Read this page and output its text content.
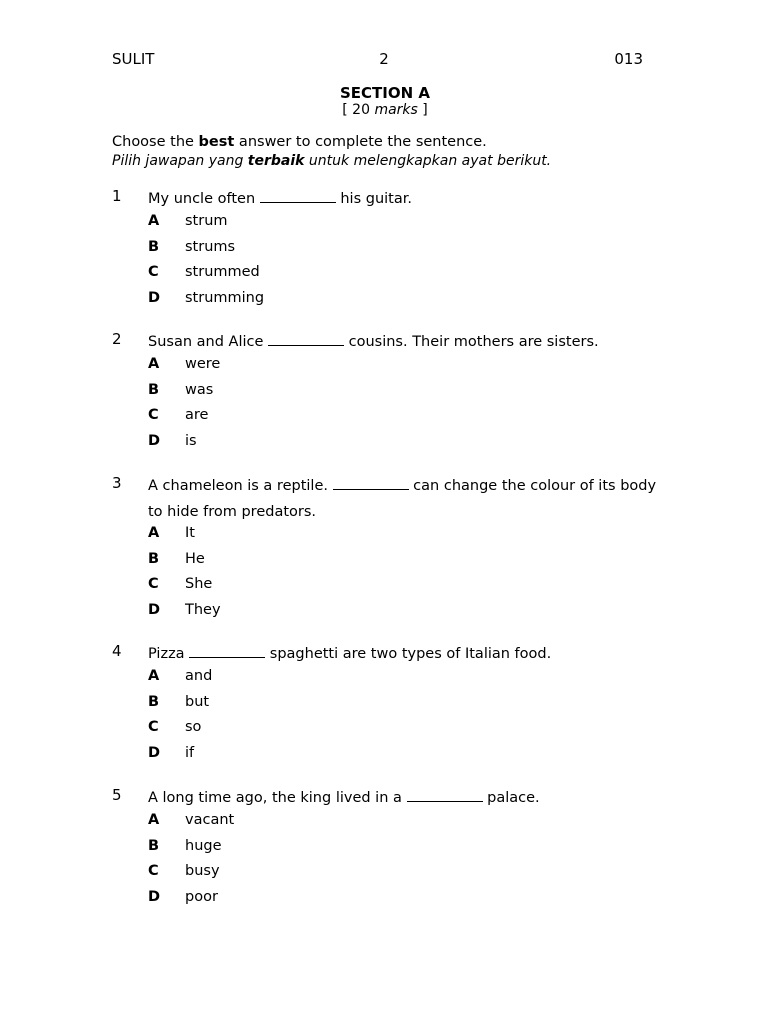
SULIT	2	013
SECTION A
[ 20 marks ]
Choose the best answer to complete the sentence.
Pilih jawapan yang terbaik untuk melengkapkan ayat berikut.
1 My uncle often	his guitar.
A strum
B strums
C strummed
D strumming
2 Susan and Alice	cousins. Their mothers are sisters.
A were
B was
C are
D is
3 A chameleon is a reptile.	can change the colour of its body to hide from predators.
A It
B He
C She
D They
4 Pizza	spaghetti are two types of Italian food.
A and
B but
C so
D if
5 A long time ago, the king lived in a	palace.
A vacant
B huge
C busy
D poor
